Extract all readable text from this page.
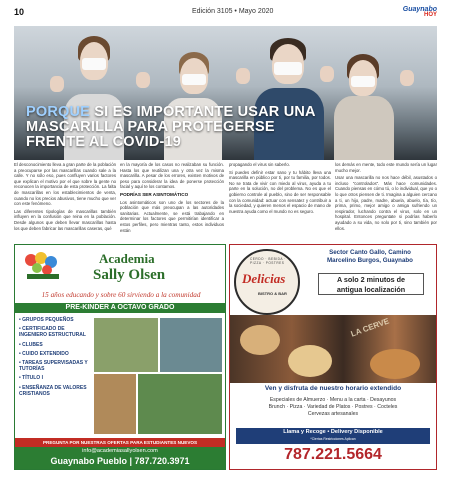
10	Edición 3105 • Mayo 2020	Guaynabo
HOY
PORQUE SI ES IMPORTANTE USAR UNA MASCARILLA PARA PROTEGERSE FRENTE AL COVID-19

El desconocimiento lleva a gran parte de la población a preocuparse por las mascarillas cuando sale a la calle. Y no sólo eso, pues confluyen varios factores que explican el motivo por el que sobre la gente no reconocen la importancia de esta protección. La falta de mascarillas en los establecimientos de venta, cuando no los precios abusivos, tiene mucho que ver con este fenómeno.

Las diferentes tipologías de mascarillas también influyen en la confusión que reina en la población. Desde algunos que deben llevar mascarillas hasta los que deben fabricar las mascarillas caseras, qué

en la mayoría de los casos no realizaban su función. Hasta los que reutilizan una y otra vez la misma mascarilla. A pesar de los errores, existen motivos de peso para considerar la idea de ponerse protección facial y aquí te los contamos.

PODRÍAS SER ASINTOMÁTICO

Los asintomáticos son uno de los sectores de la población que más preocupan a las autoridades sanitarias. Actualmente, se está trabajando en determinar los factores que permitirían identificar a estos perfiles, pero mientras tanto, estos individuos están

propagando el virus sin saberlo.

Si puedes definir estar sano y tu hábito lleva una mascarilla en público por ti, por tu familia, por todos. No se trata de vivir con miedo al virus, ayuda a tu parte en la solución, no del problema. No es que el gobierno controle al pueblo, sino de ser responsable con la comunidad: actuar con sensatez y contribuir a la sociedad, y quieren menos el espacio de mano de nuestra ayuda como el mundo no es seguro.

los demás en mente, todo este mundo sería un lugar mucho mejor.

Usar una mascarilla no nos hace débil, asustados o incluso "controlados". Más hace comunidades. Cuando piensas en cómo tú, o lo individual, que yo o lo que otros piensen de ti. Imagina a alguien cercano a ti, un hijo, padre, madre, abuela, abuelo, tía, tío, prima, primo, mejor amigo o amiga sufriendo un respirador, luchando contra el virus, solo en un hospital. Entonces preguntate si podrías haberlo ayudado a su vida, no solo por ti, sino también por ellos.

Academia
Sally Olsen
15 años educando y sobre 60 sirviendo a la comunidad
PRE-KINDER A OCTAVO GRADO
• GRUPOS PEQUEÑOS
• CERTIFICADO DE INGENIERO ESTRUCTURAL
• CLUBES
• CUIDO EXTENDIDO
• TAREAS SUPERVISADAS Y TUTORÍAS
• TÍTULO I
• ENSEÑANZA DE VALORES CRISTIANOS
PREGUNTA POR NUESTRAS OFERTAS PARA ESTUDIANTES NUEVOS
info@academiasallyolsen.com
Guaynabo Pueblo | 787.720.3971
CERDO · BEBIDA · PIZZA · POSTRES
Delicias
BISTRO & BAR
Sector Canto Gallo, Camino
Marcelino Burgos, Guaynabo
A solo 2 minutos de
antigua localización
LA CERVE
Ven y disfruta de nuestro horario extendido
Especiales de Almuerzo · Menu a la carta · Desayunos
Brunch · Pizza · Variedad de Platos · Postres · Cocteles
Cervezas artesanales
Llama y Recoge • Delivery Disponible
*Ciertas Restricciones Aplican
787.221.5664
